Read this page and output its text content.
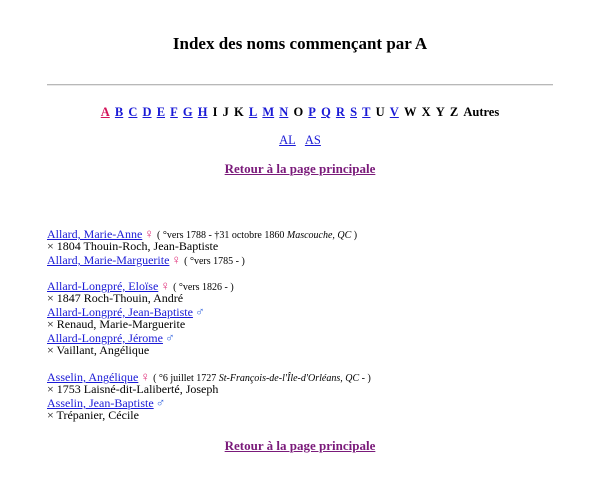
Index des noms commençant par A
A B C D E F G H I J K L M N O P Q R S T U V W X Y Z Autres
AL AS
Retour à la page principale
Allard, Marie-Anne ♀ ( °vers 1788 - †31 octobre 1860 Mascouche, QC )
× 1804 Thouin-Roch, Jean-Baptiste
Allard, Marie-Marguerite ♀ ( °vers 1785 - )
Allard-Longpré, Eloïse ♀ ( °vers 1826 - )
× 1847 Roch-Thouin, André
Allard-Longpré, Jean-Baptiste ♂
× Renaud, Marie-Marguerite
Allard-Longpré, Jérome ♂
× Vaillant, Angélique
Asselin, Angélique ♀ ( °6 juillet 1727 St-François-de-l'Île-d'Orléans, QC - )
× 1753 Laisné-dit-Laliberté, Joseph
Asselin, Jean-Baptiste ♂
× Trépanier, Cécile
Retour à la page principale
